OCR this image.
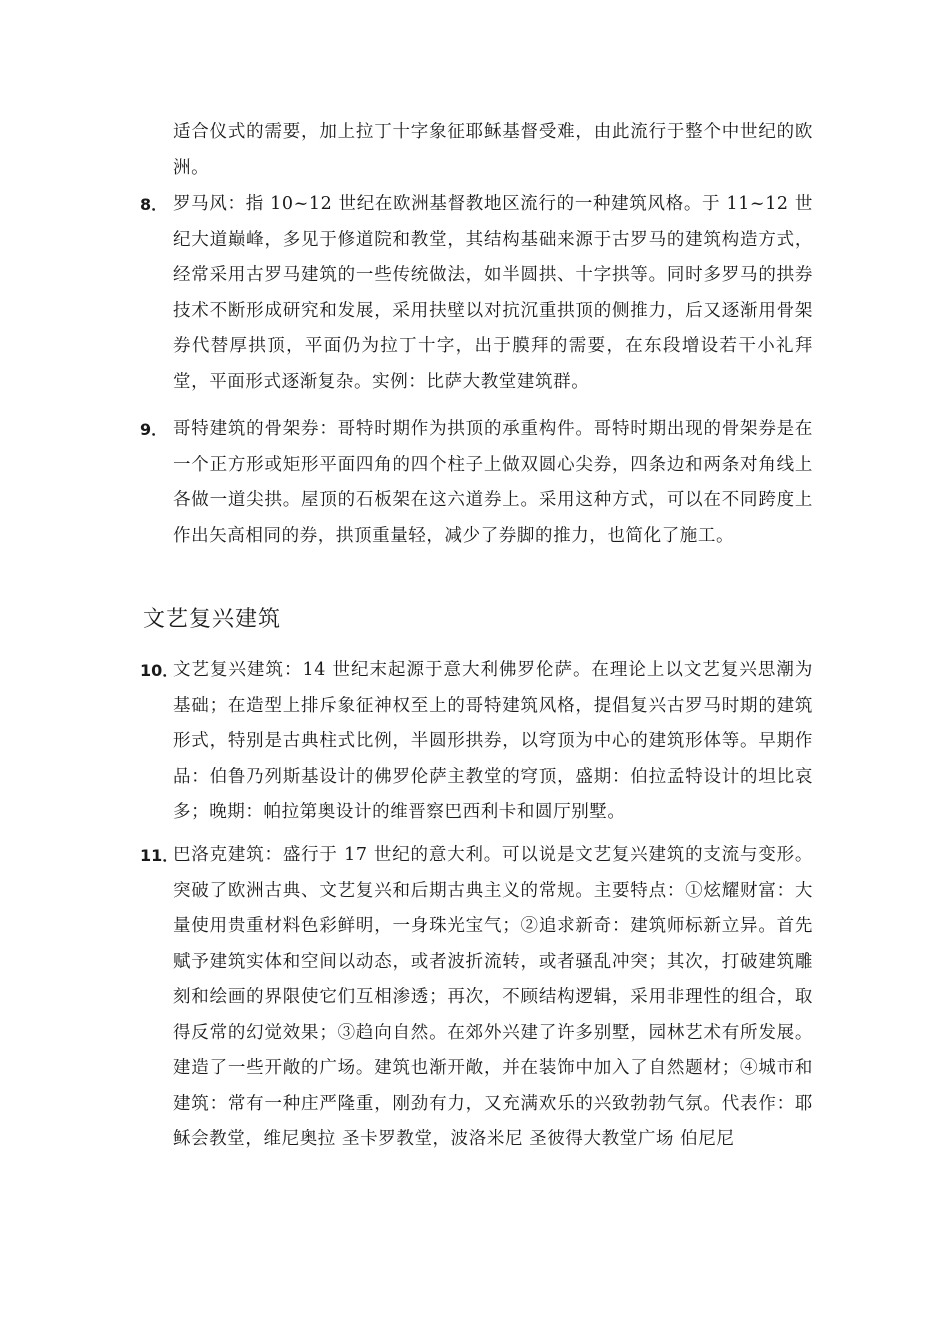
适合仪式的需要，加上拉丁十字象征耶稣基督受难，由此流行于整个中世纪的欧洲。

8． 罗马风：指 10~12 世纪在欧洲基督教地区流行的一种建筑风格。于 11~12 世纪大道巅峰，多见于修道院和教堂，其结构基础来源于古罗马的建筑构造方式，经常采用古罗马建筑的一些传统做法，如半圆拱、十字拱等。同时多罗马的拱券技术不断形成研究和发展，采用扶壁以对抗沉重拱顶的侧推力，后又逐渐用骨架券代替厚拱顶，平面仍为拉丁十字，出于膜拜的需要，在东段增设若干小礼拜堂，平面形式逐渐复杂。实例：比萨大教堂建筑群。

9． 哥特建筑的骨架券：哥特时期作为拱顶的承重构件。哥特时期出现的骨架券是在一个正方形或矩形平面四角的四个柱子上做双圆心尖券，四条边和两条对角线上各做一道尖拱。屋顶的石板架在这六道券上。采用这种方式，可以在不同跨度上作出矢高相同的券，拱顶重量轻，减少了券脚的推力，也简化了施工。

文艺复兴建筑
10．

文艺复兴建筑：14 世纪末起源于意大利佛罗伦萨。在理论上以文艺复兴思潮为基础；在造型上排斥象征神权至上的哥特建筑风格，提倡复兴古罗马时期的建筑形式，特别是古典柱式比例，半圆形拱券，以穹顶为中心的建筑形体等。早期作品：伯鲁乃列斯基设计的佛罗伦萨主教堂的穹顶，盛期：伯拉孟特设计的坦比哀多；晚期：帕拉第奥设计的维晋察巴西利卡和圆厅别墅。

11．

巴洛克建筑：盛行于 17 世纪的意大利。可以说是文艺复兴建筑的支流与变形。突破了欧洲古典、文艺复兴和后期古典主义的常规。主要特点：①炫耀财富：大量使用贵重材料色彩鲜明，一身珠光宝气；②追求新奇：建筑师标新立异。首先赋予建筑实体和空间以动态，或者波折流转，或者骚乱冲突；其次，打破建筑雕刻和绘画的界限使它们互相渗透；再次，不顾结构逻辑，采用非理性的组合，取得反常的幻觉效果；③趋向自然。在郊外兴建了许多别墅，园林艺术有所发展。建造了一些开敞的广场。建筑也渐开敞，并在装饰中加入了自然题材；④城市和建筑：常有一种庄严隆重，刚劲有力，又充满欢乐的兴致勃勃气氛。代表作：耶稣会教堂，维尼奥拉 圣卡罗教堂，波洛米尼 圣彼得大教堂广场 伯尼尼
